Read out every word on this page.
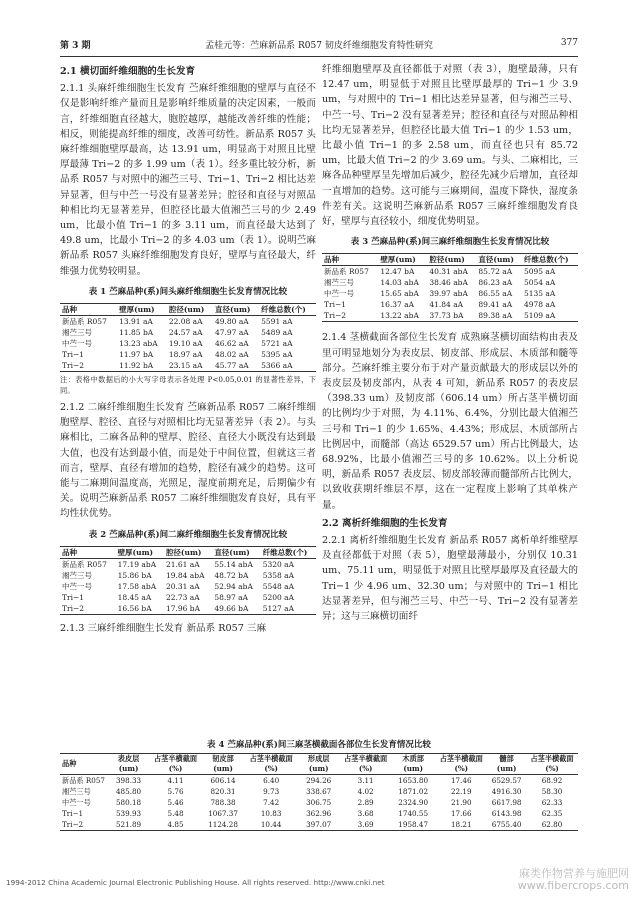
第 3 期	孟桂元等：苎麻新品系 R057 韧皮纤维细胞发育特性研究	377
2.1 横切面纤维细胞的生长发育

2.1.1 头麻纤维细胞生长发育 苎麻纤维细胞的壁厚与直径不仅是影响纤维产量而且是影响纤维质量的决定因素，一般而言，纤维细胞直径越大，胞腔越厚，越能改善纤维的性能；相反，则能提高纤维的细度，改善可纺性。新品系 R057 头麻纤维细胞壁厚最高，达 13.91 um，明显高于对照且比壁厚最薄 Tri−2 的多 1.99 um（表 1）。经多重比较分析，新品系 R057 与对照中的湘苎三号、Tri−1、Tri−2 相比达差异显著，但与中苎一号没有显著差异；腔径和直径与对照品种相比均无显著差异，但腔径比最大值湘苎三号的少 2.49 um，比最小值 Tri−1 的多 3.11 um，而直径最大达到了 49.8 um，比最小 Tri−2 的多 4.03 um（表 1）。说明苎麻新品系 R057 头麻纤维细胞发育良好，壁厚与直径最大，纤维强力优势较明显。

表 1 苎麻品种(系)间头麻纤维细胞生长发育情况比较
品种	壁厚(um)	腔径(um)	直径(um)	纤维总数(个)
新品系 R057	13.91 aA	22.08 aA	49.80 aA	5591 aA
湘苎三号	11.85 bA	24.57 aA	47.97 aA	5489 aA
中苎一号	13.23 abA	19.10 aA	46.62 aA	5721 aA
Tri−1	11.97 bA	18.97 aA	48.02 aA	5395 aA
Tri−2	11.92 bA	23.15 aA	45.77 aA	5366 aA
注：表格中数据后的小大写字母表示各处理 P<0.05,0.01 的显著性差异，下同。

2.1.2 二麻纤维细胞生长发育 苎麻新品系 R057 二麻纤维细胞壁厚、腔径、直径与对照相比均无显著差异（表 2）。与头麻相比，二麻各品种的壁厚、腔径、直径大小既没有达到最大值，也没有达到最小值，而是处于中间位置，但就这三者而言，壁厚、直径有增加的趋势，腔径有减少的趋势。这可能与二麻期间温度高，光照足，湿度前期充足，后期偏少有关。说明苎麻新品系 R057 二麻纤维细胞发育良好，具有平均性状优势。

表 2 苎麻品种(系)间二麻纤维细胞生长发育情况比较
品种	壁厚(um)	腔径(um)	直径(um)	纤维总数(个)
新品系 R057	17.19 abA	21.61 aA	55.14 abA	5320 aA
湘苎三号	15.86 bA	19.84 abA	48.72 bA	5358 aA
中苎一号	17.58 abA	20.31 aA	52.94 abA	5548 aA
Tri−1	18.45 aA	22.73 aA	58.97 aA	5200 aA
Tri−2	16.56 bA	17.96 bA	49.66 bA	5127 aA

2.1.3 三麻纤维细胞生长发育 新品系 R057 三麻

纤维细胞壁厚及直径都低于对照（表 3），胞壁最薄，只有 12.47 um，明显低于对照且比壁厚最厚的 Tri−1 少 3.9 um，与对照中的 Tri−1 相比达差异显著，但与湘苎三号、中苎一号、Tri−2 没有显著差异；腔径和直径与对照品种相比均无显著差异，但腔径比最大值 Tri−1 的少 1.53 um，比最小值 Tri−1 的多 2.58 um，而直径也只有 85.72 um，比最大值 Tri−2 的少 3.69 um。与头、二麻相比，三麻各品种壁厚呈先增加后减少，腔径先减少后增加，直径却一直增加的趋势。这可能与三麻期间，温度下降快，湿度条件差有关。这说明苎麻新品系 R057 三麻纤维细胞发育良好，壁厚与直径较小，细度优势明显。

表 3 苎麻品种(系)间三麻纤维细胞生长发育情况比较
品种	壁厚(um)	腔径(um)	直径(um)	纤维总数(个)
新品系 R057	12.47 bA	40.31 abA	85.72 aA	5095 aA
湘苎三号	14.03 abA	38.46 abA	86.23 aA	5054 aA
中苎一号	15.65 abA	39.97 abA	86.55 aA	5135 aA
Tri−1	16.37 aA	41.84 aA	89.41 aA	4978 aA
Tri−2	13.22 abA	37.73 bA	89.38 aA	5109 aA

2.1.4 茎横截面各部位生长发育 成熟麻茎横切面结构由表及里可明显地划分为表皮层、韧皮部、形成层、木质部和髓等部分。苎麻纤维主要分布于对产量贡献最大的形成层以外的表皮层及韧皮部内，从表 4 可知，新品系 R057 的表皮层（398.33 um）及韧皮部（606.14 um）所占茎半横切面的比例均少于对照，为 4.11%、6.4%，分别比最大值湘苎三号和 Tri−1 的少 1.65%、4.43%；形成层、木质部所占比例居中，而髓部（高达 6529.57 um）所占比例最大，达 68.92%，比最小值湘苎三号的多 10.62%。以上分析说明，新品系 R057 表皮层、韧皮部较薄而髓部所占比例大，以致收获期纤维层不厚，这在一定程度上影响了其单株产量。

2.2 离析纤维细胞的生长发育

2.2.1 离析纤维细胞生长发育 新品系 R057 离析单纤维壁厚及直径都低于对照（表 5），胞壁最薄最小，分别仅 10.31 um、75.11 um，明显低于对照且比壁厚最厚及直径最大的 Tri−1 少 4.96 um、32.30 um；与对照中的 Tri−1 相比达显著差异，但与湘苎三号、中苎一号、Tri−2 没有显著差异；这与三麻横切面纤

表 4 苎麻品种(系)间三麻茎横截面各部位生长发育情况比较
品种	表皮层 (um)	占茎半横截面(%)	韧皮部 (um)	占茎半横截面(%)	形成层 (um)	占茎半横截面(%)	木质部 (um)	占茎半横截面(%)	髓部 (um)	占茎半横截面(%)
新品系 R057	398.33	4.11	606.14	6.40	294.26	3.11	1653.80	17.46	6529.57	68.92
湘苎三号	485.80	5.76	820.31	9.73	338.67	4.02	1871.02	22.19	4916.30	58.30
中苎一号	580.18	5.46	788.38	7.42	306.75	2.89	2324.90	21.90	6617.98	62.33
Tri−1	539.93	5.48	1067.37	10.83	362.96	3.68	1740.55	17.66	6143.98	62.35
Tri−2	521.89	4.85	1124.28	10.44	397.07	3.69	1958.47	18.21	6755.40	62.80
1994-2012 China Academic Journal Electronic Publishing House. All rights reserved. http://www.cnki.net
麻类作物营养与施肥网
www.fibercrops.com
